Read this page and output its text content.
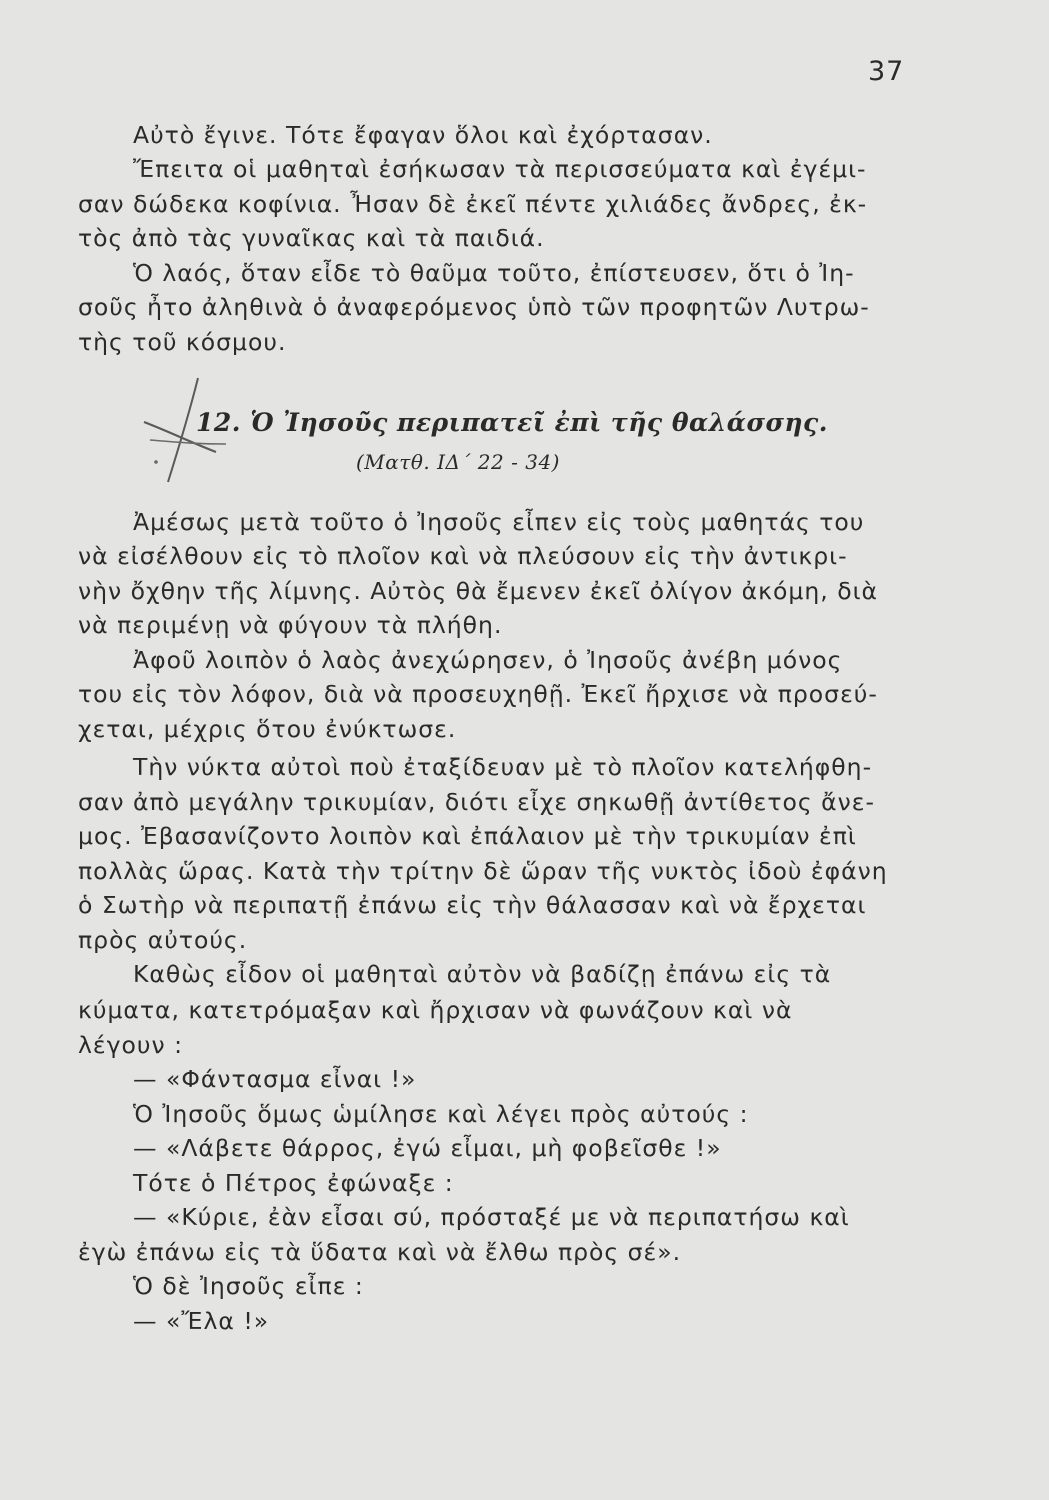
37

Αὐτὸ ἔγινε. Τότε ἔφαγαν ὅλοι καὶ ἐχόρτασαν.

Ἔπειτα οἱ μαθηταὶ ἐσήκωσαν τὰ περισσεύματα καὶ ἐγέμι-

σαν δώδεκα κοφίνια. Ἦσαν δὲ ἐκεῖ πέντε χιλιάδες ἄνδρες, ἐκ-

τὸς ἀπὸ τὰς γυναῖκας καὶ τὰ παιδιά.

Ὁ λαός, ὅταν εἶδε τὸ θαῦμα τοῦτο, ἐπίστευσεν, ὅτι ὁ Ἰη-

σοῦς ἦτο ἀληθινὰ ὁ ἀναφερόμενος ὑπὸ τῶν προφητῶν Λυτρω-

τὴς τοῦ κόσμου.

Ἀμέσως μετὰ τοῦτο ὁ Ἰησοῦς εἶπεν εἰς τοὺς μαθητάς του

νὰ εἰσέλθουν εἰς τὸ πλοῖον καὶ νὰ πλεύσουν εἰς τὴν ἀντικρι-

νὴν ὄχθην τῆς λίμνης. Αὐτὸς θὰ ἔμενεν ἐκεῖ ὀλίγον ἀκόμη, διὰ

νὰ περιμένῃ νὰ φύγουν τὰ πλήθη.

Ἀφοῦ λοιπὸν ὁ λαὸς ἀνεχώρησεν, ὁ Ἰησοῦς ἀνέβη μόνος

του εἰς τὸν λόφον, διὰ νὰ προσευχηθῇ. Ἐκεῖ ἤρχισε νὰ προσεύ-

χεται, μέχρις ὅτου ἐνύκτωσε.

Τὴν νύκτα αὐτοὶ ποὺ ἐταξίδευαν μὲ τὸ πλοῖον κατελήφθη-

σαν ἀπὸ μεγάλην τρικυμίαν, διότι εἶχε σηκωθῇ ἀντίθετος ἄνε-

μος. Ἐβασανίζοντο λοιπὸν καὶ ἐπάλαιον μὲ τὴν τρικυμίαν ἐπὶ

πολλὰς ὥρας. Κατὰ τὴν τρίτην δὲ ὥραν τῆς νυκτὸς ἰδοὺ ἐφάνη

ὁ Σωτὴρ νὰ περιπατῇ ἐπάνω εἰς τὴν θάλασσαν καὶ νὰ ἔρχεται

πρὸς αὐτούς.

Καθὼς εἶδον οἱ μαθηταὶ αὐτὸν νὰ βαδίζῃ ἐπάνω εἰς τὰ

κύματα, κατετρόμαξαν καὶ ἤρχισαν νὰ φωνάζουν καὶ νὰ

λέγουν :

— «Φάντασμα εἶναι !»

Ὁ Ἰησοῦς ὅμως ὡμίλησε καὶ λέγει πρὸς αὐτούς :

— «Λάβετε θάρρος, ἐγώ εἶμαι, μὴ φοβεῖσθε !»

Τότε ὁ Πέτρος ἐφώναξε :

— «Κύριε, ἐὰν εἶσαι σύ, πρόσταξέ με νὰ περιπατήσω καὶ

ἐγὼ ἐπάνω εἰς τὰ ὕδατα καὶ νὰ ἔλθω πρὸς σέ».

Ὁ δὲ Ἰησοῦς εἶπε :

— «Ἔλα !»

12. Ὁ Ἰησοῦς περιπατεῖ ἐπὶ τῆς θαλάσσης.
(Ματθ. ΙΔ΄ 22 - 34)
